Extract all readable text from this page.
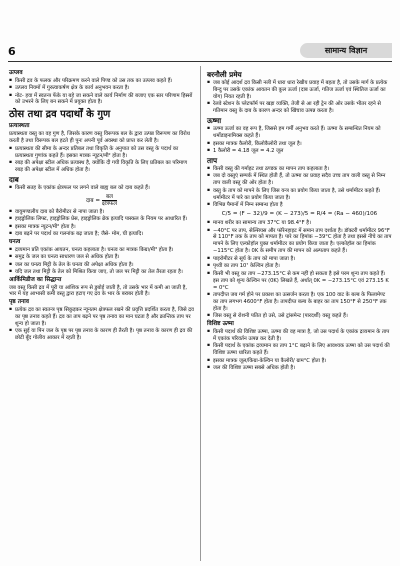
6	सामान्य विज्ञान
उत्प्लव
▪ किसी द्रव के फलक और परिक्रमण करने वाले पिण्ड को उस तक का उत्प्लव कहते हैं।
▪ उत्प्लव नियमों में गुरुत्वाकर्षण क्षेत्र के कार्य अनुभवन करता है।
▪ नोट- हवा में स्वतन्त्र फेंके या बहे जा सकने वाले कार्य निर्माण की बजाए एक स्तर परिणाम हिस्सों को उभरने के लिए बन सकने में प्रयुक्त होता है।
ठोस तथा द्रव पदार्थों के गुण
प्रत्यास्थता

प्रत्यास्थता वस्तु का वह गुण है, जिसके कारण वस्तु विरूपक बल के द्वारा उत्पन्न विरूपण का विरोध करती है तथा विरूपक बल हटते ही पुनः अपनी पूर्व अवस्था को प्राप्त कर लेती है।

▪ प्रत्यास्थता की सीमा के अन्दर प्रतिबल तथा विकृति के अनुपात को उस वस्तु के पदार्थ का प्रत्यास्थता गुणांक कहते हैं। इसका मात्रक न्यूटन/मी² होता है।
▪ रबड़ की अपेक्षा स्टील अधिक प्रत्यास्थ है, क्योंकि दी गयी विकृति के लिए प्रतिबल का परिमाण रबड़ की अपेक्षा स्टील में अधिक होता है।
दाब
▪ किसी सतह के एकांक क्षेत्रफल पर लगने वाले बाह्य बल को दाब कहते हैं।
दाब = $\frac{\text{बल}}{\text{क्षेत्रफल}}$
▪ वायुमण्डलीय दाब को बैरोमीटर से नापा जाता है।
▪ हाइड्रोलिक लिफ्ट, हाइड्रोलिक प्रेस, हाइड्रोलिक ब्रेक इत्यादि पास्कल के नियम पर आधारित हैं।
▪ इसका मात्रक न्यूटन/मी² होता है।
▪ दाब बढ़ने पर पदार्थ का गलनांक बढ़ जाता है; जैसे- मोम, घी इत्यादि।
घनत्व
▪ द्रव्यमान प्रति एकांक आयतन, घनत्व कहलाता है। घनत्व का मात्रक किग्रा/मी³ होता है।
▪ समुद्र के जल का घनत्व साधारण जल से अधिक होता है।
▪ जल का घनत्व मिट्टी के तेल के घनत्व की अपेक्षा अधिक होता है।
▪ यदि जल तथा मिट्टी के तेल को मिश्रित किया जाए, तो जल पर मिट्टी का तेल तैरता रहता है।
आर्किमिडीज का सिद्धान्त

जब वस्तु किसी द्रव में पूरी या आंशिक रूप से डुबोई जाती है, तो उसके भार में कमी आ जाती है, भार में यह आभासी कमी वस्तु द्वारा हटाए गए द्रव के भार के बराबर होती है।

पृष्ठ तनाव
▪ प्रत्येक द्रव का स्वतन्त्र पृष्ठ सिकुड़कर न्यूनतम क्षेत्रफल रखने की प्रवृत्ति प्रदर्शित करता है, जिसे द्रव का पृष्ठ तनाव कहते हैं। द्रव का ताप बढ़ने पर पृष्ठ तनाव का मान घटता है और क्रान्तिक ताप पर शून्य हो जाता है।
▪ एक सुई या पिन जल के पृष्ठ पर पृष्ठ तनाव के कारण ही तैरती है। पृष्ठ तनाव के कारण ही द्रव की छोटी बूँद गोलीय आकार में रहती है।
बरनौली प्रमेय
▪ जब कोई आदर्श द्रव किसी नली में धारा धारा रेखीय प्रवाह में बहता है, तो उसके मार्ग के प्रत्येक बिन्दु पर उसके एकांक आयतन की कुल ऊर्जा (दाब ऊर्जा, गतिज ऊर्जा एवं स्थितिज ऊर्जा का योग) नियत रहती है।
▪ रेलवे स्टेशन के प्लेटफॉर्म पर खड़ा व्यक्ति, तेजी से आ रही ट्रेन की ओर उसके भीतर रहने से गतिमान वस्तु के दाब के कारण अन्दर को खिंचाव उत्पन्न करता है।
ऊष्मा
▪ ऊष्मा ऊर्जा का वह रूप है, जिससे हम गर्मी अनुभव करते हैं। ऊष्मा के सम्बन्धित नियम को थर्मोडाइनामिक्स कहते हैं।
▪ इसका मात्रक कैलोरी, किलोकैलोरी तथा जूल है।
▪ 1 कैलोरी = 4.18 जूल = 4.2 जूल
ताप
▪ किसी वस्तु की गर्माहट तथा ठण्डक का मापन ताप कहलाता है।
▪ जब दो वस्तुएं सम्पर्क में स्थित होती हैं, तो ऊष्मा का प्रवाह सदैव उच्च ताप वाली वस्तु से निम्न ताप वाली वस्तु की ओर होता है।
▪ वस्तु के ताप को मापने के लिए जिस यन्त्र का प्रयोग किया जाता है, उसे थर्मामीटर कहते हैं। थर्मामीटर में पारे का प्रयोग किया जाता है।
▪ विभिन्न पैमानों में निम्न सम्बन्ध होता है
C/5 = (F − 32)/9 = (K − 273)/5 = R/4 = (Ra − 460)/106
▪ मानव शरीर का सामान्य ताप 37°C या 98.4°F है।
▪ −40°C पर ताप, सेल्सियस और फॉरेनहाइट में समान ताप दर्शाता है। डॉक्टरी थर्मामीटर 96°F से 110°F तक के ताप को मापता है। पारे का हिमांक −39°C होता है तथा इससे नीचे का ताप मापने के लिए एल्कोहॉल युक्त थर्मामीटर का प्रयोग किया जाता है। एल्कोहॉल का हिमांक −115°C होता है। 0K के समीप ताप की मापन को अल्पताप कहते हैं।
▪ पाइरोमीटर से सूर्य के ताप को मापा जाता है।
▪ पृथ्वी का ताप 10⁷ केल्विन होता है।
▪ किसी भी वस्तु का ताप −273.15°C से कम नहीं हो सकता है इसे परम शून्य ताप कहते हैं। इस ताप को शून्य केल्विन पर (0K) लिखते हैं, अर्थात् 0K = −273.15°C एवं 273.15 K = 0°C
▪ तापदीप्त जब गर्म होने पर प्रकाश का उत्सर्जन करता है। एक 100 वाट के बल्ब के फिलामेण्ट का ताप लगभग 4600°F होता है। तापदीप्त बल्ब के बाहर का ताप 150°F से 250°F तक होता है।
▪ जिस वस्तु से रोशनी पतित हो उसे, उसे ट्रांसमेन्ट (पारदर्शी) वस्तु कहते हैं।
विशिष्ट ऊष्मा
▪ किसी पदार्थ की विशिष्ट ऊष्मा, ऊष्मा की वह मात्रा है, जो उस पदार्थ के एकांक द्रव्यमान के ताप में एकांक परिवर्तन उत्पन्न कर देती है।
▪ किसी पदार्थ के एकांक द्रव्यमान का ताप 1°C बढ़ाने के लिए आवश्यक ऊष्मा को उस पदार्थ की विशिष्ट ऊष्मा धारिता कहते हैं।
▪ इसका मात्रक जूल/किग्रा-केल्विन या कैलोरी/ ग्राम°C होता है।
▪ जल की विशिष्ट ऊष्मा सबसे अधिक होती है।
